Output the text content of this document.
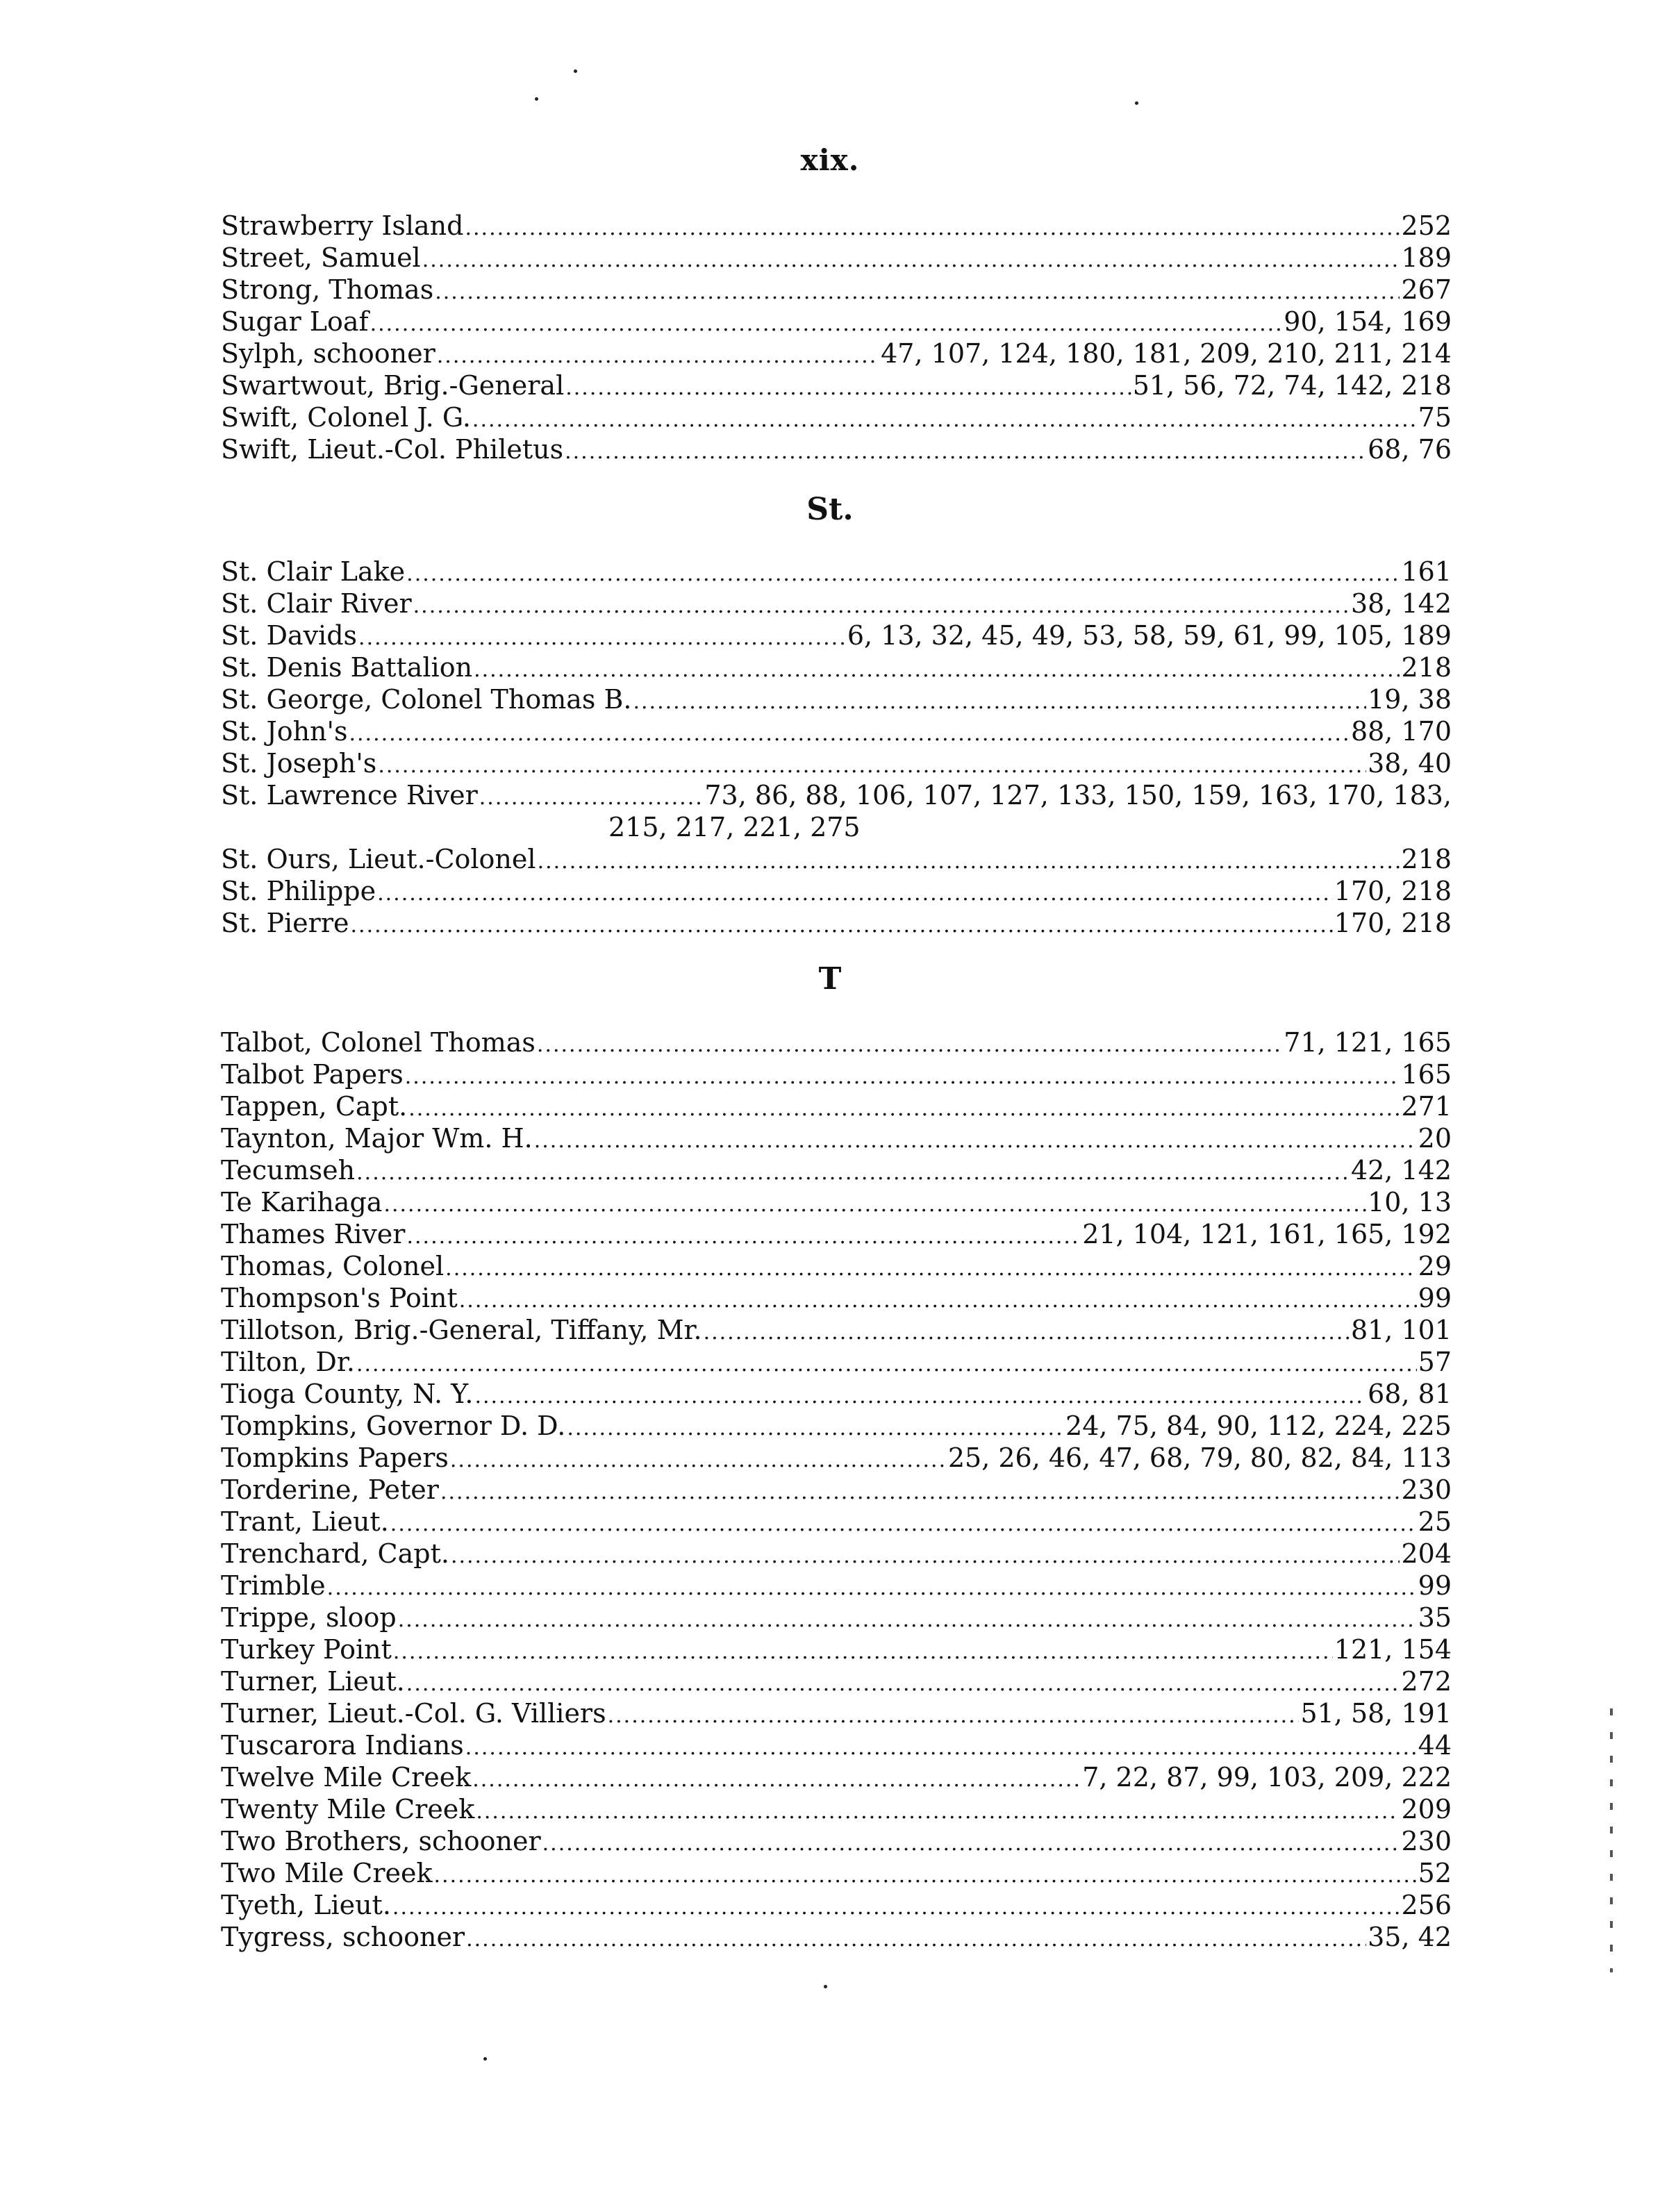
xix.
Strawberry Island .....	252
Street, Samuel .....	189
Strong, Thomas .....	267
Sugar Loaf .....	90, 154, 169
Sylph, schooner .....	47, 107, 124, 180, 181, 209, 210, 211, 214
Swartwout, Brig.-General .....	51, 56, 72, 74, 142, 218
Swift, Colonel J. G. .....	75
Swift, Lieut.-Col. Philetus .....	68, 76
St.
St. Clair Lake .....	161
St. Clair River .....	38, 142
St. Davids .....	6, 13, 32, 45, 49, 53, 58, 59, 61, 99, 105, 189
St. Denis Battalion .....	218
St. George, Colonel Thomas B. .....	19, 38
St. John's .....	88, 170
St. Joseph's .....	38, 40
St. Lawrence River .....	73, 86, 88, 106, 107, 127, 133, 150, 159, 163, 170, 183,
215, 217, 221, 275
St. Ours, Lieut.-Colonel .....	218
St. Philippe .....	170, 218
St. Pierre .....	170, 218
T
Talbot, Colonel Thomas .....	71, 121, 165
Talbot Papers .....	165
Tappen, Capt. .....	271
Taynton, Major Wm. H. .....	20
Tecumseh .....	42, 142
Te Karihaga .....	10, 13
Thames River .....	21, 104, 121, 161, 165, 192
Thomas, Colonel .....	29
Thompson's Point .....	99
Tillotson, Brig.-General, Tiffany, Mr. .....	81, 101
Tilton, Dr. .....	57
Tioga County, N. Y. .....	68, 81
Tompkins, Governor D. D. .....	24, 75, 84, 90, 112, 224, 225
Tompkins Papers .....	25, 26, 46, 47, 68, 79, 80, 82, 84, 113
Torderine, Peter .....	230
Trant, Lieut. .....	25
Trenchard, Capt. .....	204
Trimble .....	99
Trippe, sloop .....	35
Turkey Point .....	121, 154
Turner, Lieut. .....	272
Turner, Lieut.-Col. G. Villiers .....	51, 58, 191
Tuscarora Indians .....	44
Twelve Mile Creek .....	7, 22, 87, 99, 103, 209, 222
Twenty Mile Creek .....	209
Two Brothers, schooner .....	230
Two Mile Creek .....	52
Tyeth, Lieut. .....	256
Tygress, schooner .....	35, 42
